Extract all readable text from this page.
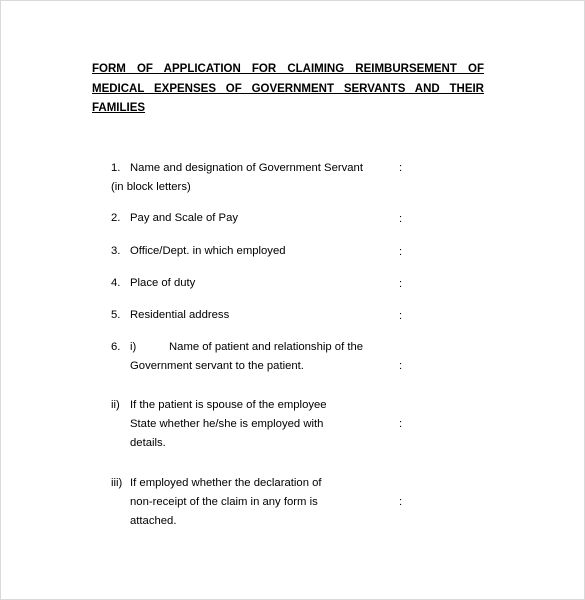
FORM OF APPLICATION FOR CLAIMING REIMBURSEMENT OF
MEDICAL EXPENSES OF GOVERNMENT SERVANTS AND THEIR
FAMILIES
1. Name and designation of Government Servant	:
(in block letters)
2. Pay and Scale of Pay	:
3. Office/Dept. in which employed	:
4. Place of duty	:
5. Residential address	:
6. i)	Name of patient and relationship of the
Government servant to the patient.	:
ii) If the patient is spouse of the employee
State whether he/she is employed with	:
details.
iii) If employed whether the declaration of
non-receipt of the claim in any form is	:
attached.
